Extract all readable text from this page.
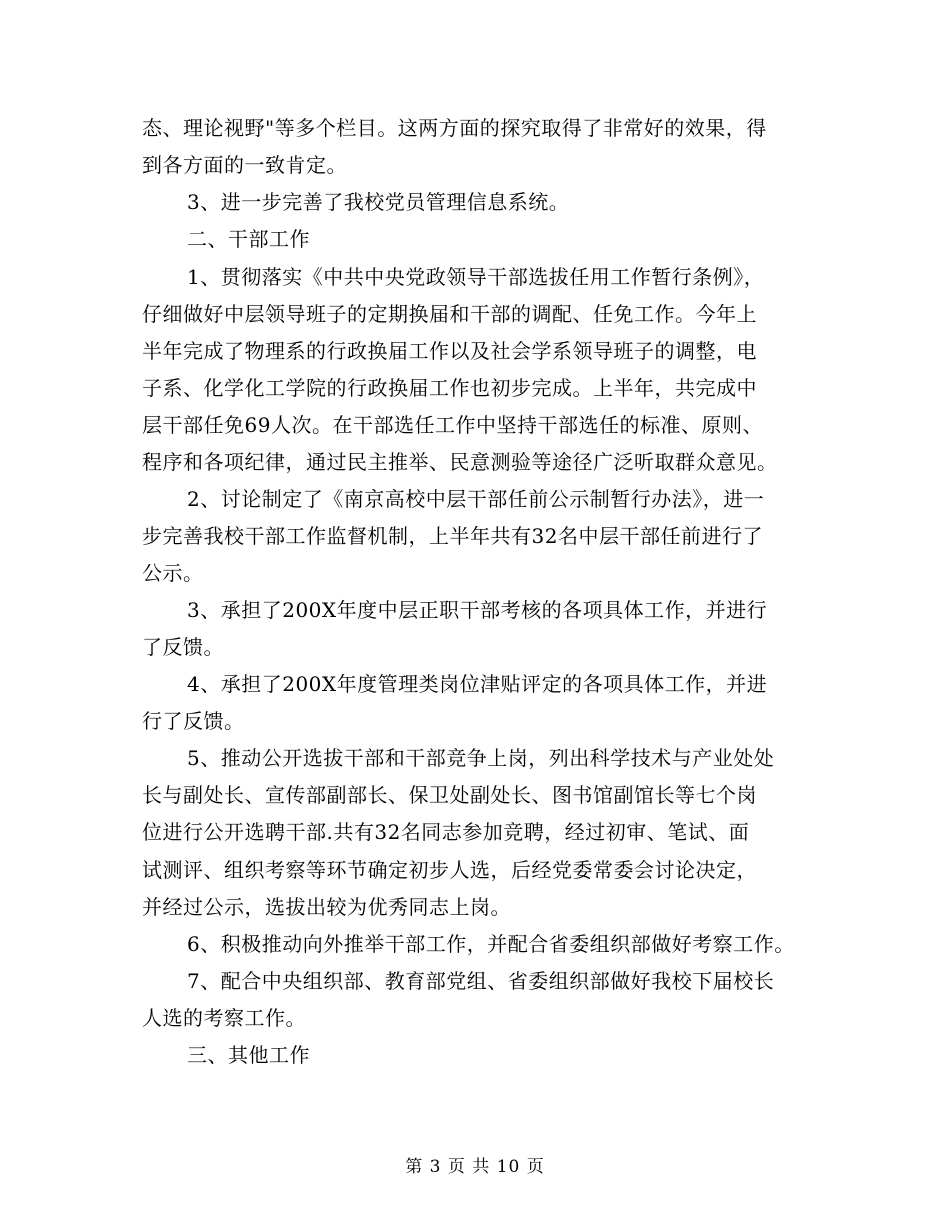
态、理论视野"等多个栏目。这两方面的探究取得了非常好的效果，得
到各方面的一致肯定。
3、进一步完善了我校党员管理信息系统。
二、干部工作
1、贯彻落实《中共中央党政领导干部选拔任用工作暂行条例》，
仔细做好中层领导班子的定期换届和干部的调配、任免工作。今年上
半年完成了物理系的行政换届工作以及社会学系领导班子的调整，电
子系、化学化工学院的行政换届工作也初步完成。上半年，共完成中
层干部任免69人次。在干部选任工作中坚持干部选任的标准、原则、
程序和各项纪律，通过民主推举、民意测验等途径广泛听取群众意见。
2、讨论制定了《南京高校中层干部任前公示制暂行办法》，进一
步完善我校干部工作监督机制，上半年共有32名中层干部任前进行了
公示。
3、承担了200X年度中层正职干部考核的各项具体工作，并进行
了反馈。
4、承担了200X年度管理类岗位津贴评定的各项具体工作，并进
行了反馈。
5、推动公开选拔干部和干部竞争上岗，列出科学技术与产业处处
长与副处长、宣传部副部长、保卫处副处长、图书馆副馆长等七个岗
位进行公开选聘干部.共有32名同志参加竞聘，经过初审、笔试、面
试测评、组织考察等环节确定初步人选，后经党委常委会讨论决定，
并经过公示，选拔出较为优秀同志上岗。
6、积极推动向外推举干部工作，并配合省委组织部做好考察工作。
7、配合中央组织部、教育部党组、省委组织部做好我校下届校长
人选的考察工作。
三、其他工作
第 3 页 共 10 页
